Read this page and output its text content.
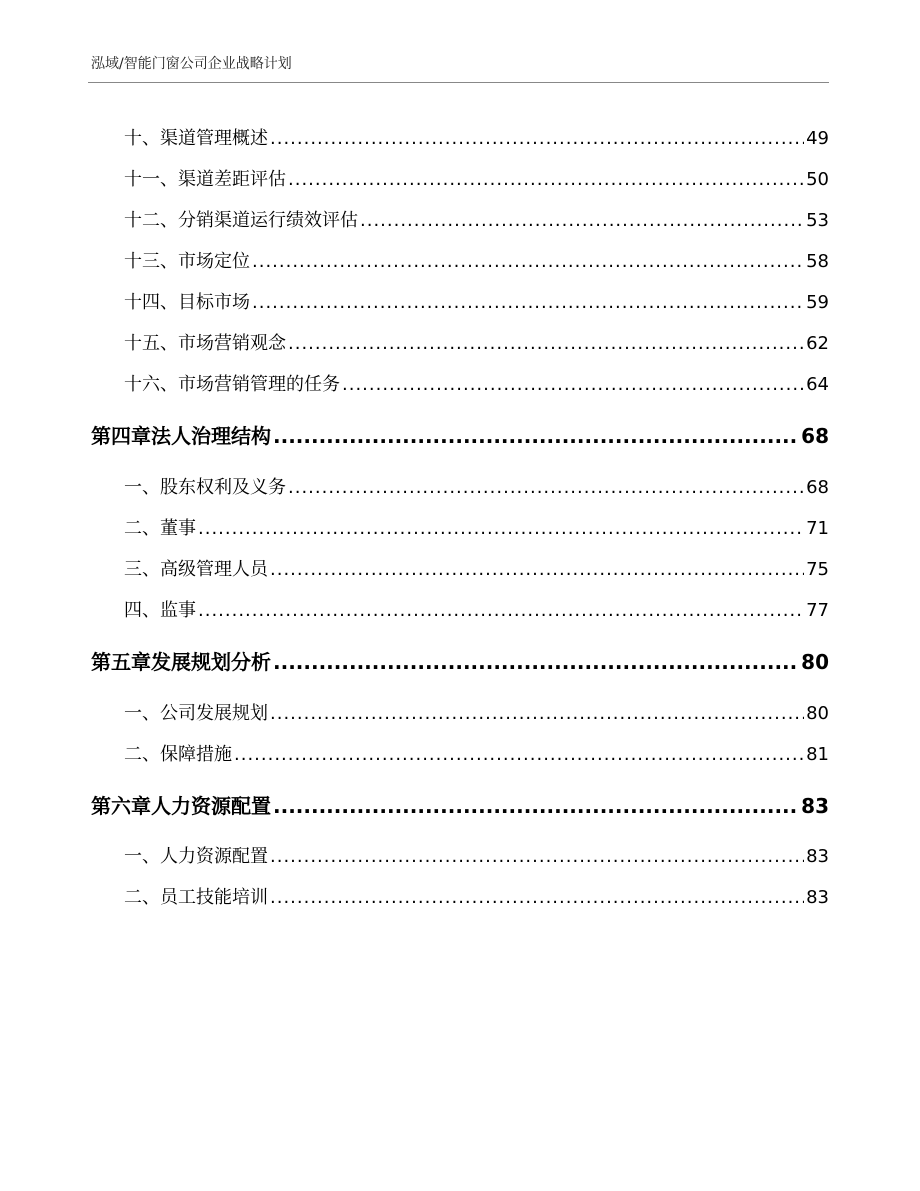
泓域/智能门窗公司企业战略计划
十、 渠道管理概述 .....	49
十一、 渠道差距评估 .....	50
十二、 分销渠道运行绩效评估 .....	53
十三、 市场定位 .....	58
十四、 目标市场 .....	59
十五、 市场营销观念 .....	62
十六、 市场营销管理的任务 .....	64
第四章 法人治理结构 .....	68
一、 股东权利及义务 .....	68
二、 董事 .....	71
三、 高级管理人员 .....	75
四、 监事 .....	77
第五章 发展规划分析 .....	80
一、 公司发展规划 .....	80
二、 保障措施 .....	81
第六章 人力资源配置 .....	83
一、 人力资源配置 .....	83
二、 员工技能培训 .....	83
